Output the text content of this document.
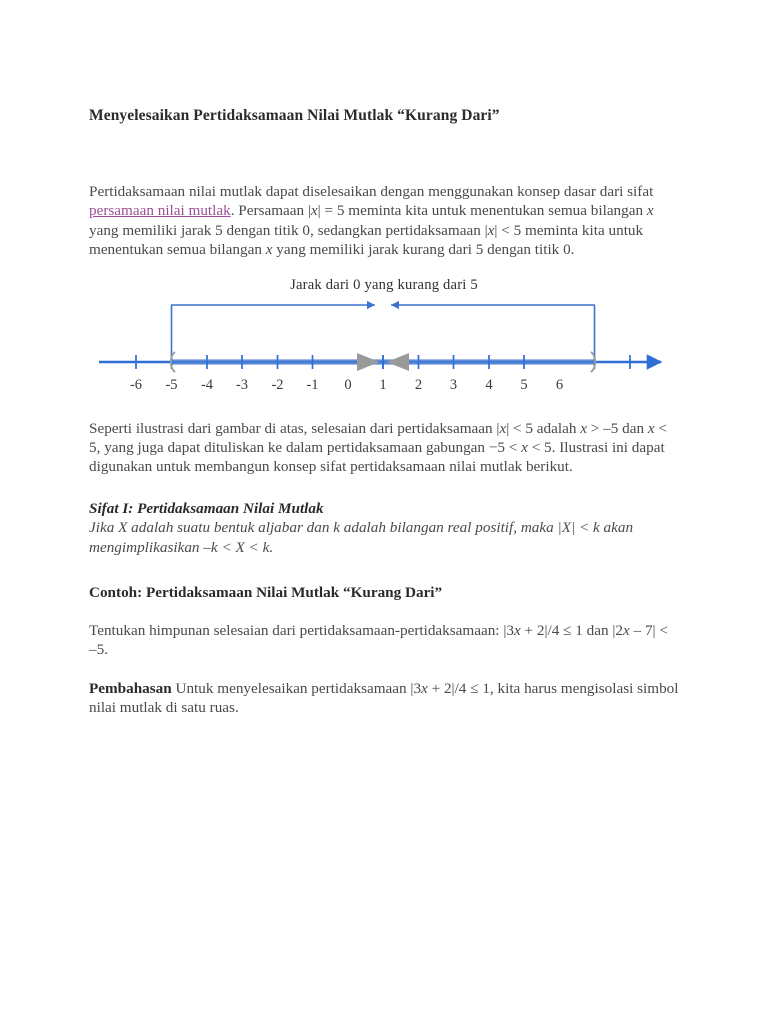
Menyelesaikan Pertidaksamaan Nilai Mutlak “Kurang Dari”

Pertidaksamaan nilai mutlak dapat diselesaikan dengan menggunakan konsep dasar dari sifat persamaan nilai mutlak. Persamaan |x| = 5 meminta kita untuk menentukan semua bilangan x yang memiliki jarak 5 dengan titik 0, sedangkan pertidaksamaan |x| < 5 meminta kita untuk menentukan semua bilangan x yang memiliki jarak kurang dari 5 dengan titik 0.

Jarak dari 0 yang kurang dari 5
-6 -5 -4 -3 -2 -1 0 1 2 3 4 5 6

Seperti ilustrasi dari gambar di atas, selesaian dari pertidaksamaan |x| < 5 adalah x > –5 dan x < 5, yang juga dapat dituliskan ke dalam pertidaksamaan gabungan −5 < x < 5. Ilustrasi ini dapat digunakan untuk membangun konsep sifat pertidaksamaan nilai mutlak berikut.

Sifat I: Pertidaksamaan Nilai Mutlak

Jika X adalah suatu bentuk aljabar dan k adalah bilangan real positif, maka |X| < k akan mengimplikasikan –k < X < k.

Contoh: Pertidaksamaan Nilai Mutlak “Kurang Dari”

Tentukan himpunan selesaian dari pertidaksamaan-pertidaksamaan: |3x + 2|/4 ≤ 1 dan |2x – 7| < –5.

Pembahasan Untuk menyelesaikan pertidaksamaan |3x + 2|/4 ≤ 1, kita harus mengisolasi simbol nilai mutlak di satu ruas.
